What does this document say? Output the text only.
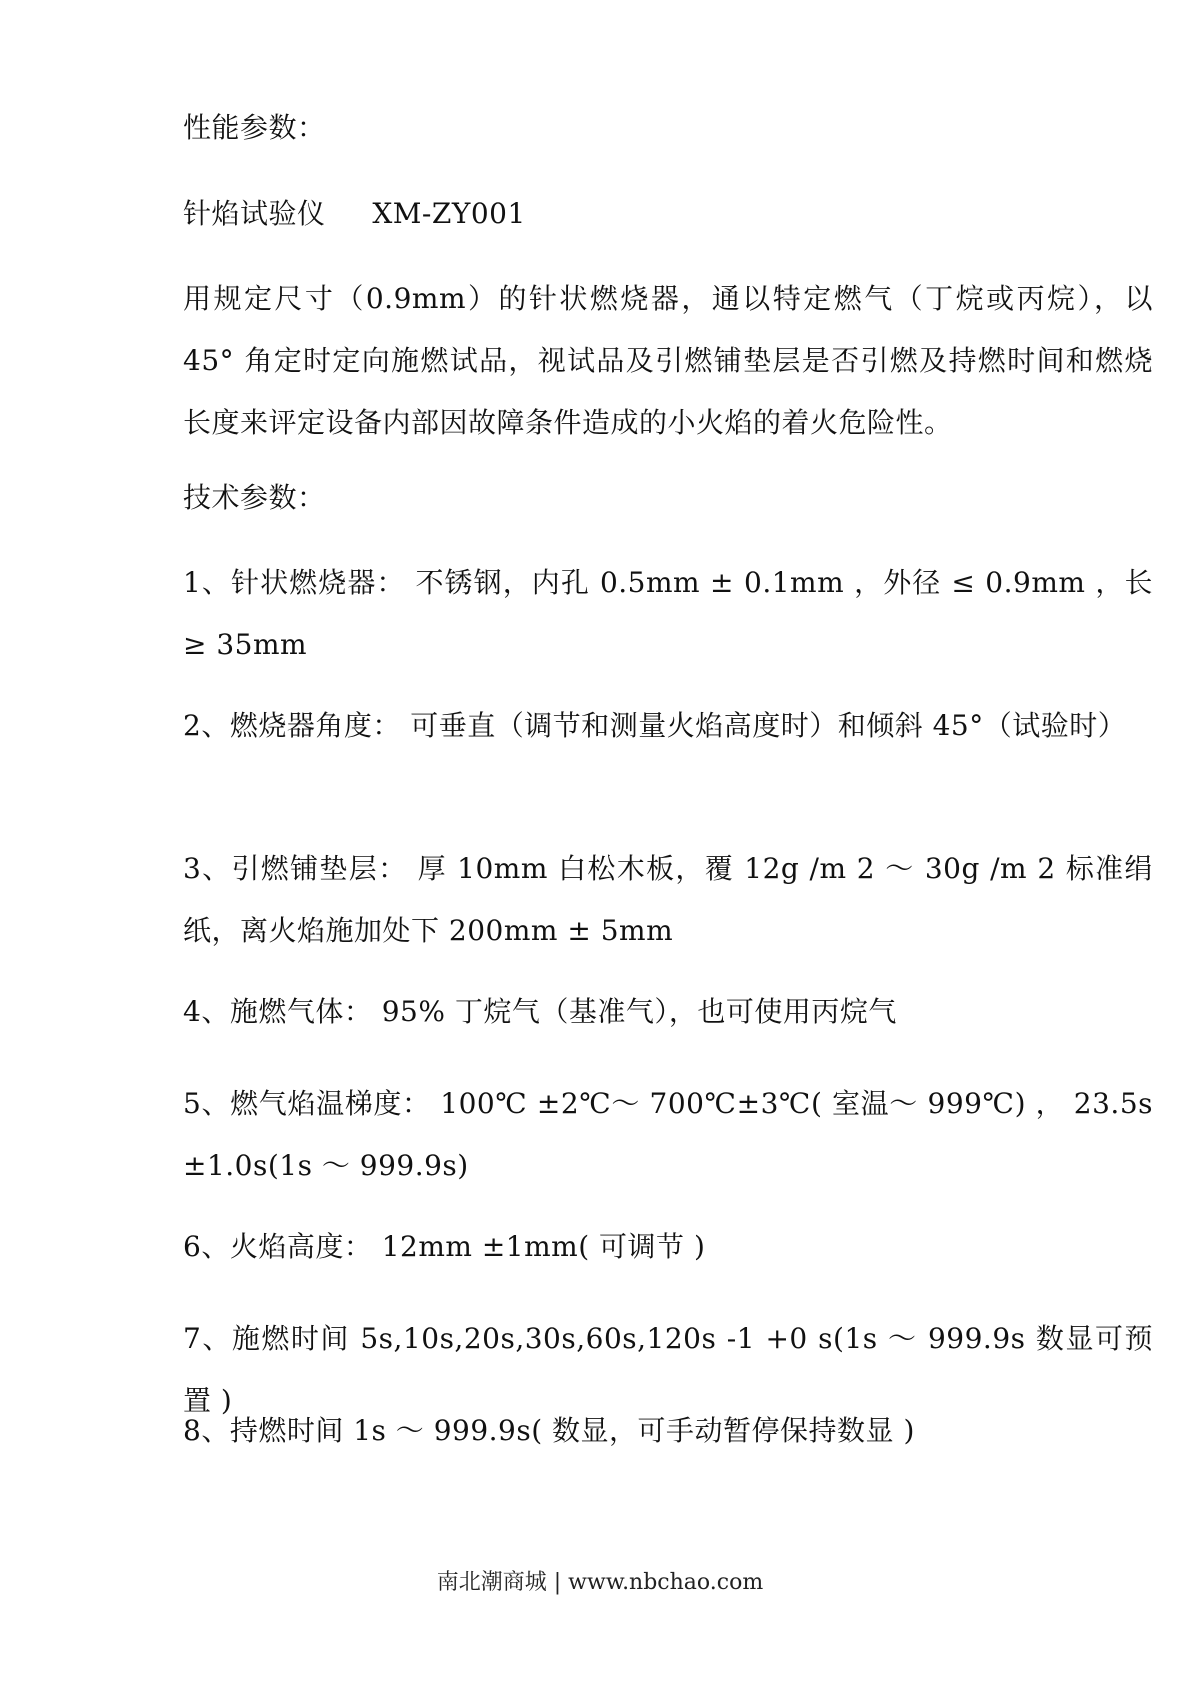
性能参数：
针焰试验仪 XM-ZY001
用规定尺寸（0.9mm）的针状燃烧器，通以特定燃气（丁烷或丙烷），以 45° 角定时定向施燃试品，视试品及引燃铺垫层是否引燃及持燃时间和燃烧长度来评定设备内部因故障条件造成的小火焰的着火危险性。
技术参数：
1、针状燃烧器： 不锈钢，内孔 0.5mm ± 0.1mm ，外径 ≤ 0.9mm ，长 ≥ 35mm
2、燃烧器角度： 可垂直（调节和测量火焰高度时）和倾斜 45°（试验时）
3、引燃铺垫层： 厚 10mm 白松木板，覆 12g /m 2 ～ 30g /m 2 标准绢纸，离火焰施加处下 200mm ± 5mm
4、施燃气体： 95% 丁烷气（基准气），也可使用丙烷气
5、燃气焰温梯度： 100℃ ±2℃～ 700℃±3℃( 室温～ 999℃) ， 23.5s ±1.0s(1s ～ 999.9s)
6、火焰高度： 12mm ±1mm( 可调节 )
7、施燃时间 5s,10s,20s,30s,60s,120s -1 +0 s(1s ～ 999.9s 数显可预置 )
8、持燃时间 1s ～ 999.9s( 数显，可手动暂停保持数显 )
南北潮商城 | www.nbchao.com
